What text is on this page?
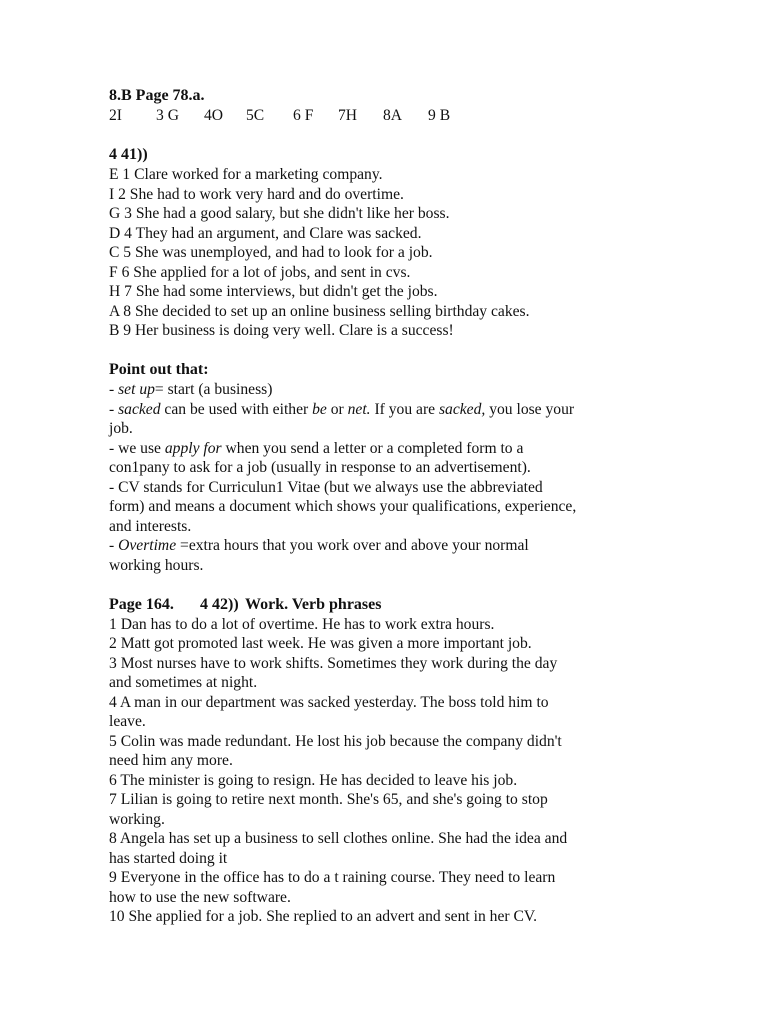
8.B Page 78.a.

2I	3 G	4O	5C	6 F	7H	8A	9 B

4 41))

E 1 Clare worked for a marketing company.

I 2 She had to work very hard and do overtime.

G 3 She had a good salary, but she didn't like her boss.

D 4 They had an argument, and Clare was sacked.

C 5 She was unemployed, and had to look for a job.

F 6 She applied for a lot of jobs, and sent in cvs.

H 7 She had some interviews, but didn't get the jobs.

A 8 She decided to set up an online business selling birthday cakes.

B 9 Her business is doing very well. Clare is a success!

Point out that:

- set up= start (a business)

- sacked can be used with either be or net. If you are sacked, you lose your

job.

- we use apply for when you send a letter or a completed form to a

con1pany to ask for a job (usually in response to an advertisement).

- CV stands for Curriculun1 Vitae (but we always use the abbreviated

form) and means a document which shows your qualifications, experience,

and interests.

- Overtime =extra hours that you work over and above your normal

working hours.

Page 164.	4 42)) Work. Verb phrases

1 Dan has to do a lot of overtime. He has to work extra hours.

2 Matt got promoted last week. He was given a more important job.

3 Most nurses have to work shifts. Sometimes they work during the day

and sometimes at night.

4 A man in our department was sacked yesterday. The boss told him to

leave.

5 Colin was made redundant. He lost his job because the company didn't

need him any more.

6 The minister is going to resign. He has decided to leave his job.

7 Lilian is going to retire next month. She's 65, and she's going to stop

working.

8 Angela has set up a business to sell clothes online. She had the idea and

has started doing it

9 Everyone in the office has to do a t raining course. They need to learn

how to use the new software.

10 She applied for a job. She replied to an advert and sent in her CV.
